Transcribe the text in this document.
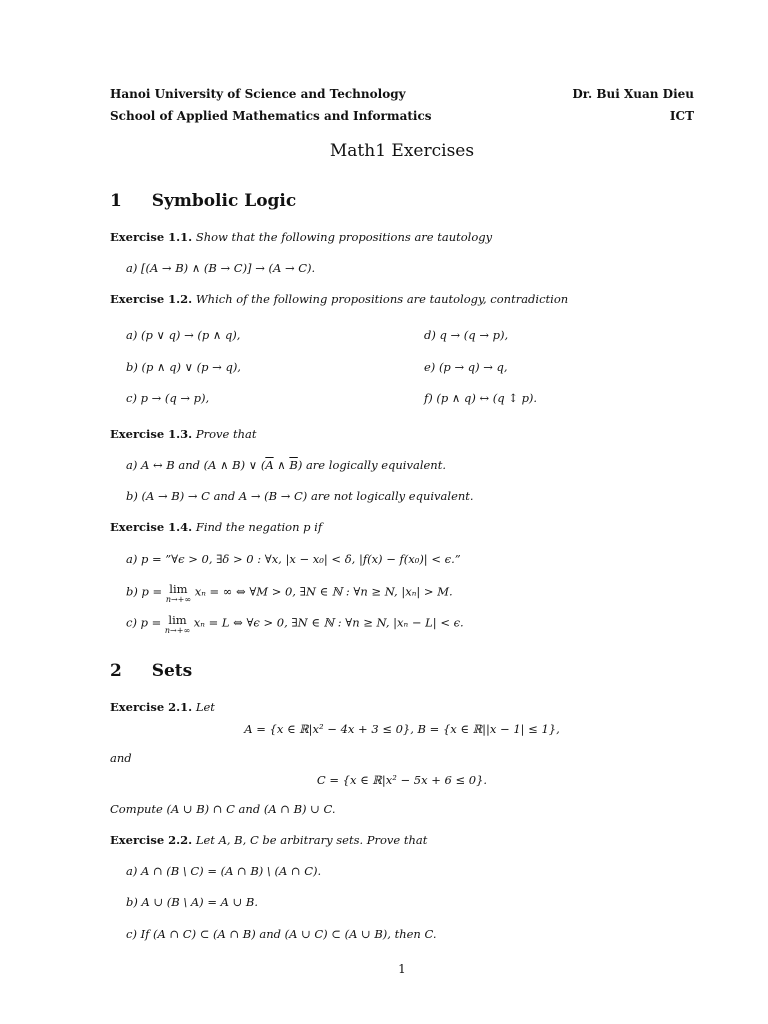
Hanoi University of Science and Technology
School of Applied Mathematics and Informatics
Dr. Bui Xuan Dieu
ICT
Math1 Exercises
1 Symbolic Logic
Exercise 1.1. Show that the following propositions are tautology
a) [(A → B) ∧ (B → C)] → (A → C).
Exercise 1.2. Which of the following propositions are tautology, contradiction
a) (p ∨ q) → (p ∧ q),
b) (p ∧ q) ∨ (p → q),
c) p → (q → p),
d) q → (q → p),
e) (p → q) → q,
f) (p ∧ q) ↔ (q ↕ p).
Exercise 1.3. Prove that
a) A ↔ B and (A ∧ B) ∨ ($\overline{A}$ ∧ $\overline{B}$) are logically equivalent.
b) (A → B) → C and A → (B → C) are not logically equivalent.
Exercise 1.4. Find the negation p if
a) p = ”∀ϵ > 0, ∃δ > 0 : ∀x, |x − x₀| < δ, |f(x) − f(x₀)| < ϵ.”
b) p = lim
n→+∞
xₙ = ∞ ⇔ ∀M > 0, ∃N ∈ ℕ : ∀n ≥ N, |xₙ| > M.
c) p = lim
n→+∞
xₙ = L ⇔ ∀ϵ > 0, ∃N ∈ ℕ : ∀n ≥ N, |xₙ − L| < ϵ.
2 Sets
Exercise 2.1. Let
A = {x ∈ ℝ|x² − 4x + 3 ≤ 0}, B = {x ∈ ℝ||x − 1| ≤ 1},
and
C = {x ∈ ℝ|x² − 5x + 6 ≤ 0}.
Compute (A ∪ B) ∩ C and (A ∩ B) ∪ C.
Exercise 2.2. Let A, B, C be arbitrary sets. Prove that
a) A ∩ (B \ C) = (A ∩ B) \ (A ∩ C).
b) A ∪ (B \ A) = A ∪ B.
c) If (A ∩ C) ⊂ (A ∩ B) and (A ∪ C) ⊂ (A ∪ B), then C.
1
